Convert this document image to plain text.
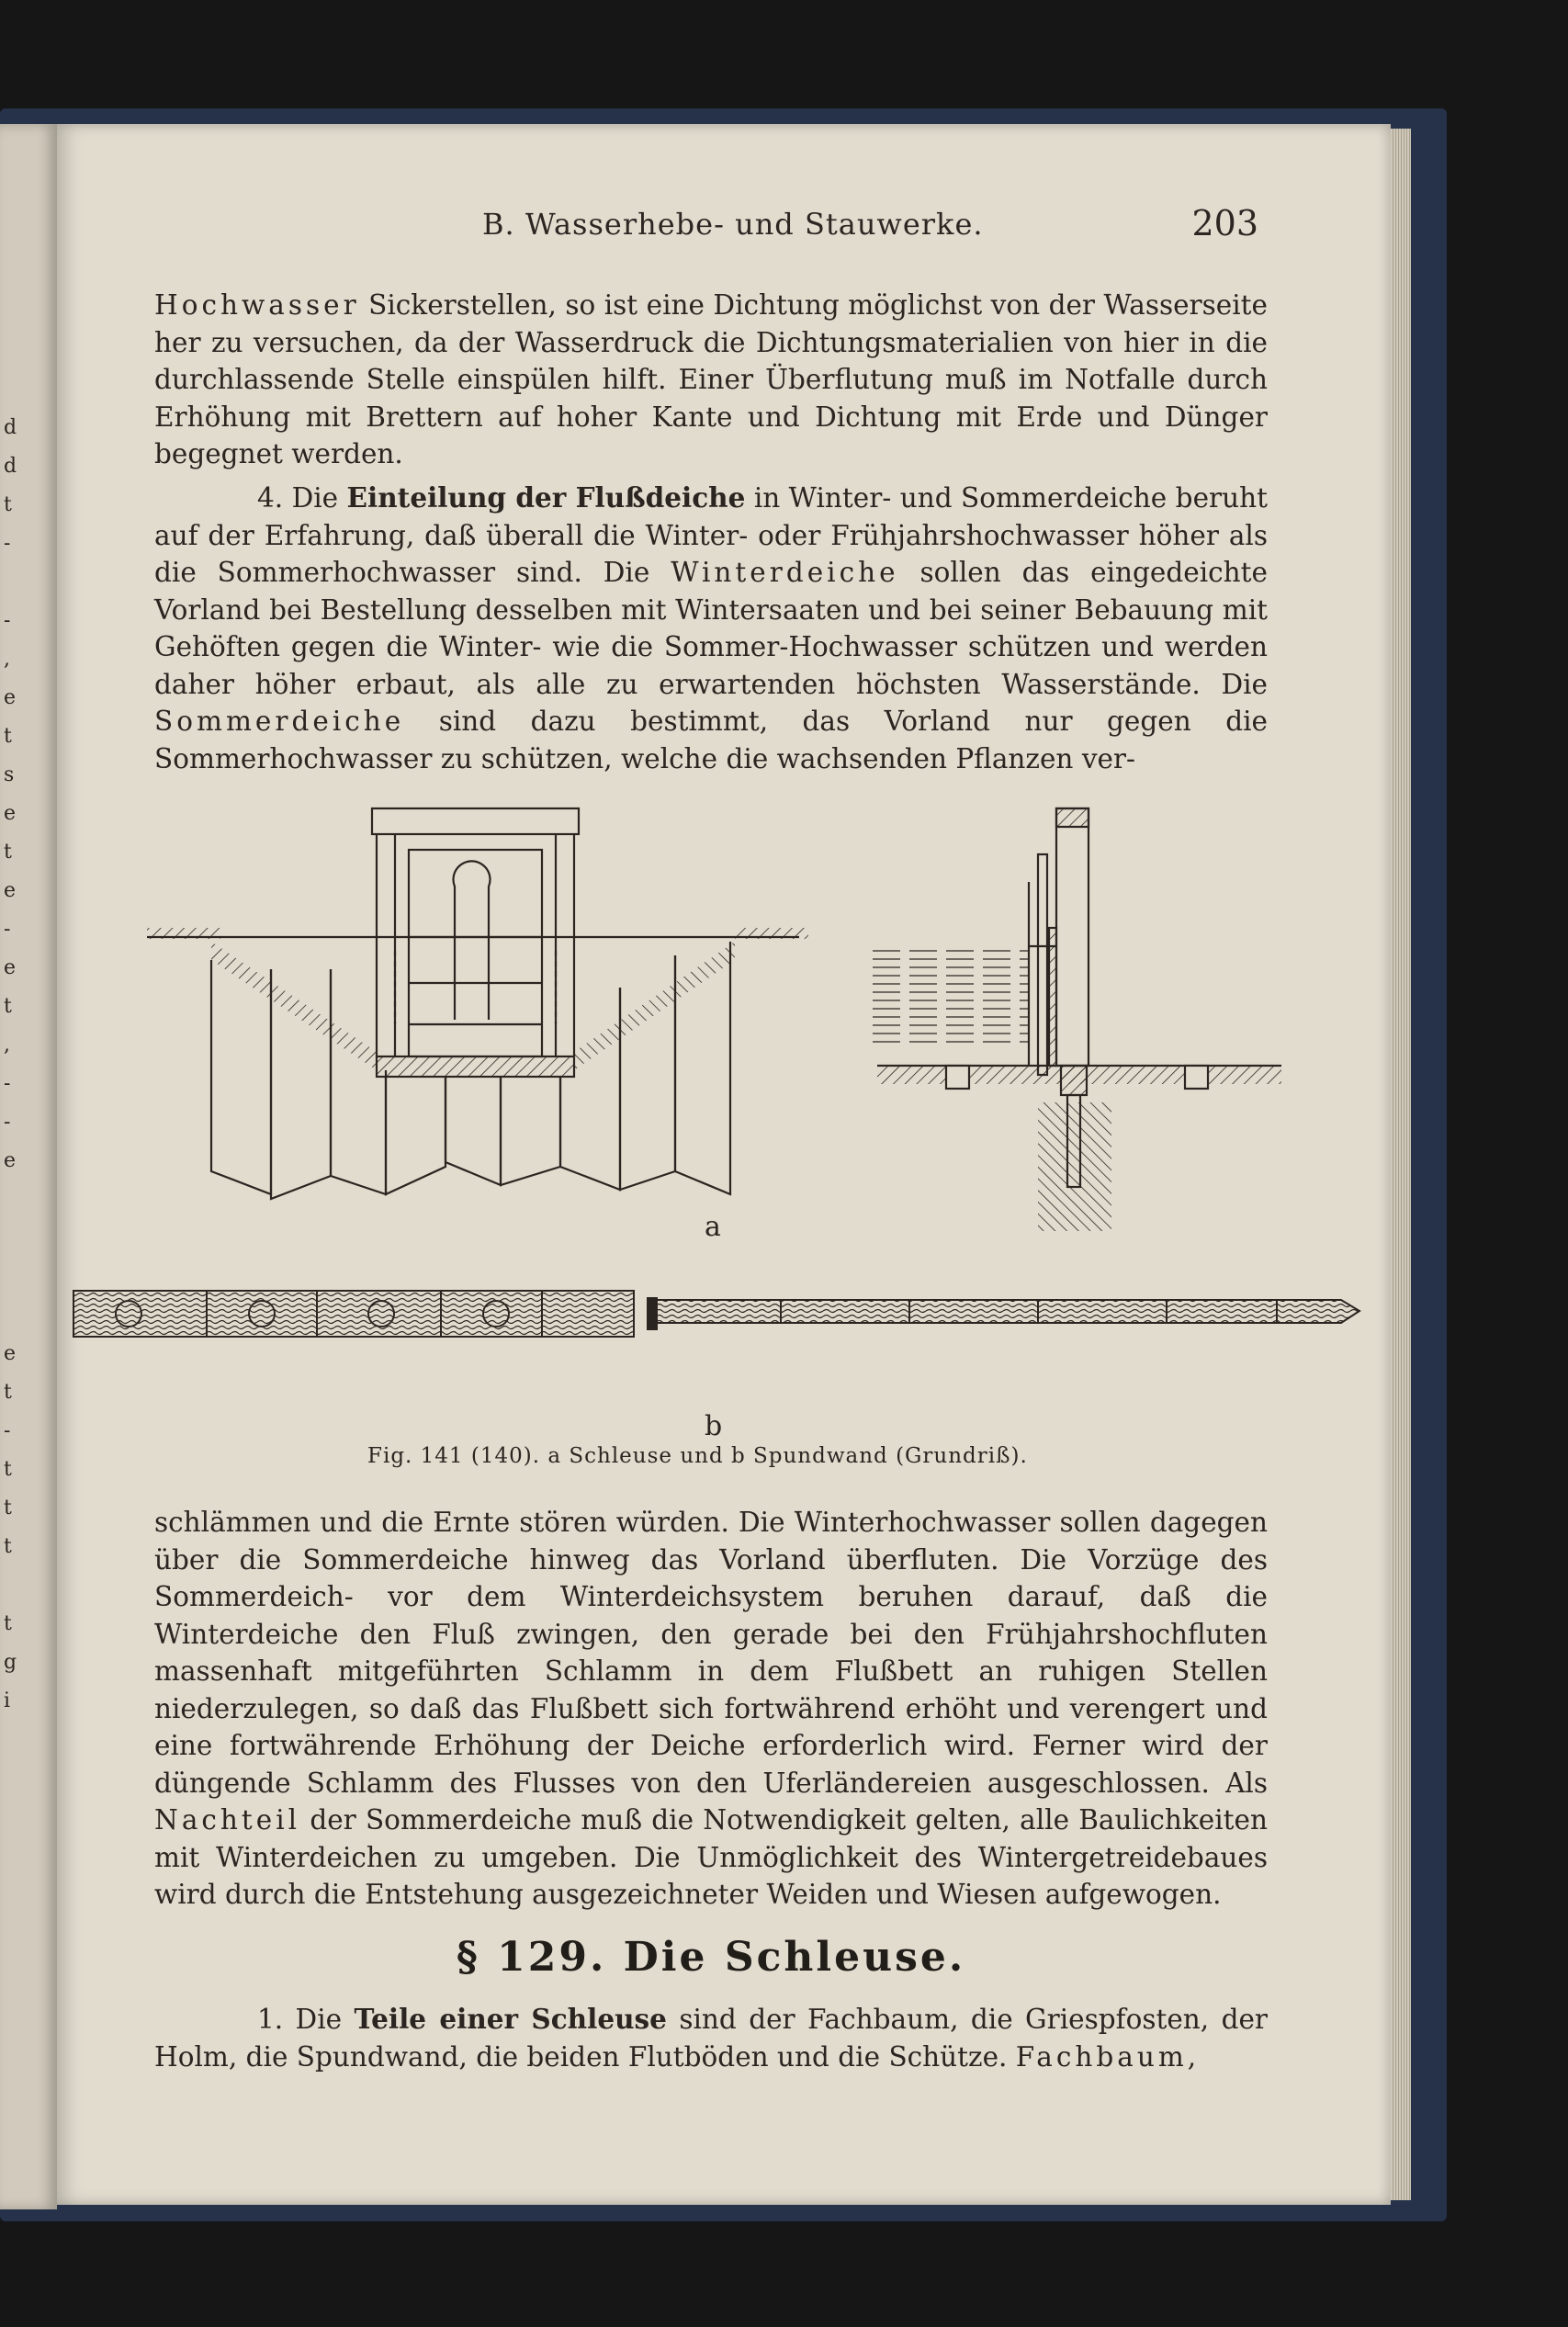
d
d
t
-

-
,
e
t
s
e
t
e
-
e
t
,
-
-
e

e
t
-
t
t
t

t
g
i
B. Wasserhebe- und Stauwerke.	203

Hochwasser Sickerstellen, so ist eine Dichtung möglichst von der Wasserseite her zu versuchen, da der Wasserdruck die Dichtungsmaterialien von hier in die durchlassende Stelle einspülen hilft. Einer Überflutung muß im Notfalle durch Erhöhung mit Brettern auf hoher Kante und Dichtung mit Erde und Dünger begegnet werden.

4. Die Einteilung der Flußdeiche in Winter- und Sommerdeiche beruht auf der Erfahrung, daß überall die Winter- oder Frühjahrshochwasser höher als die Sommerhochwasser sind. Die Winterdeiche sollen das eingedeichte Vorland bei Bestellung desselben mit Wintersaaten und bei seiner Bebauung mit Gehöften gegen die Winter- wie die Sommer-Hochwasser schützen und werden daher höher erbaut, als alle zu erwartenden höchsten Wasserstände. Die Sommerdeiche sind dazu bestimmt, das Vorland nur gegen die Sommerhochwasser zu schützen, welche die wachsenden Pflanzen ver-

a
b
Fig. 141 (140). a Schleuse und b Spundwand (Grundriß).

schlämmen und die Ernte stören würden. Die Winterhochwasser sollen dagegen über die Sommerdeiche hinweg das Vorland überfluten. Die Vorzüge des Sommerdeich- vor dem Winterdeichsystem beruhen darauf, daß die Winterdeiche den Fluß zwingen, den gerade bei den Frühjahrshochfluten massenhaft mitgeführten Schlamm in dem Flußbett an ruhigen Stellen niederzulegen, so daß das Flußbett sich fortwährend erhöht und verengert und eine fortwährende Erhöhung der Deiche erforderlich wird. Ferner wird der düngende Schlamm des Flusses von den Uferländereien ausgeschlossen. Als Nachteil der Sommerdeiche muß die Notwendigkeit gelten, alle Baulichkeiten mit Winterdeichen zu umgeben. Die Unmöglichkeit des Wintergetreidebaues wird durch die Entstehung ausgezeichneter Weiden und Wiesen aufgewogen.

§ 129. Die Schleuse.

1. Die Teile einer Schleuse sind der Fachbaum, die Griespfosten, der Holm, die Spundwand, die beiden Flutböden und die Schütze. Fachbaum,
